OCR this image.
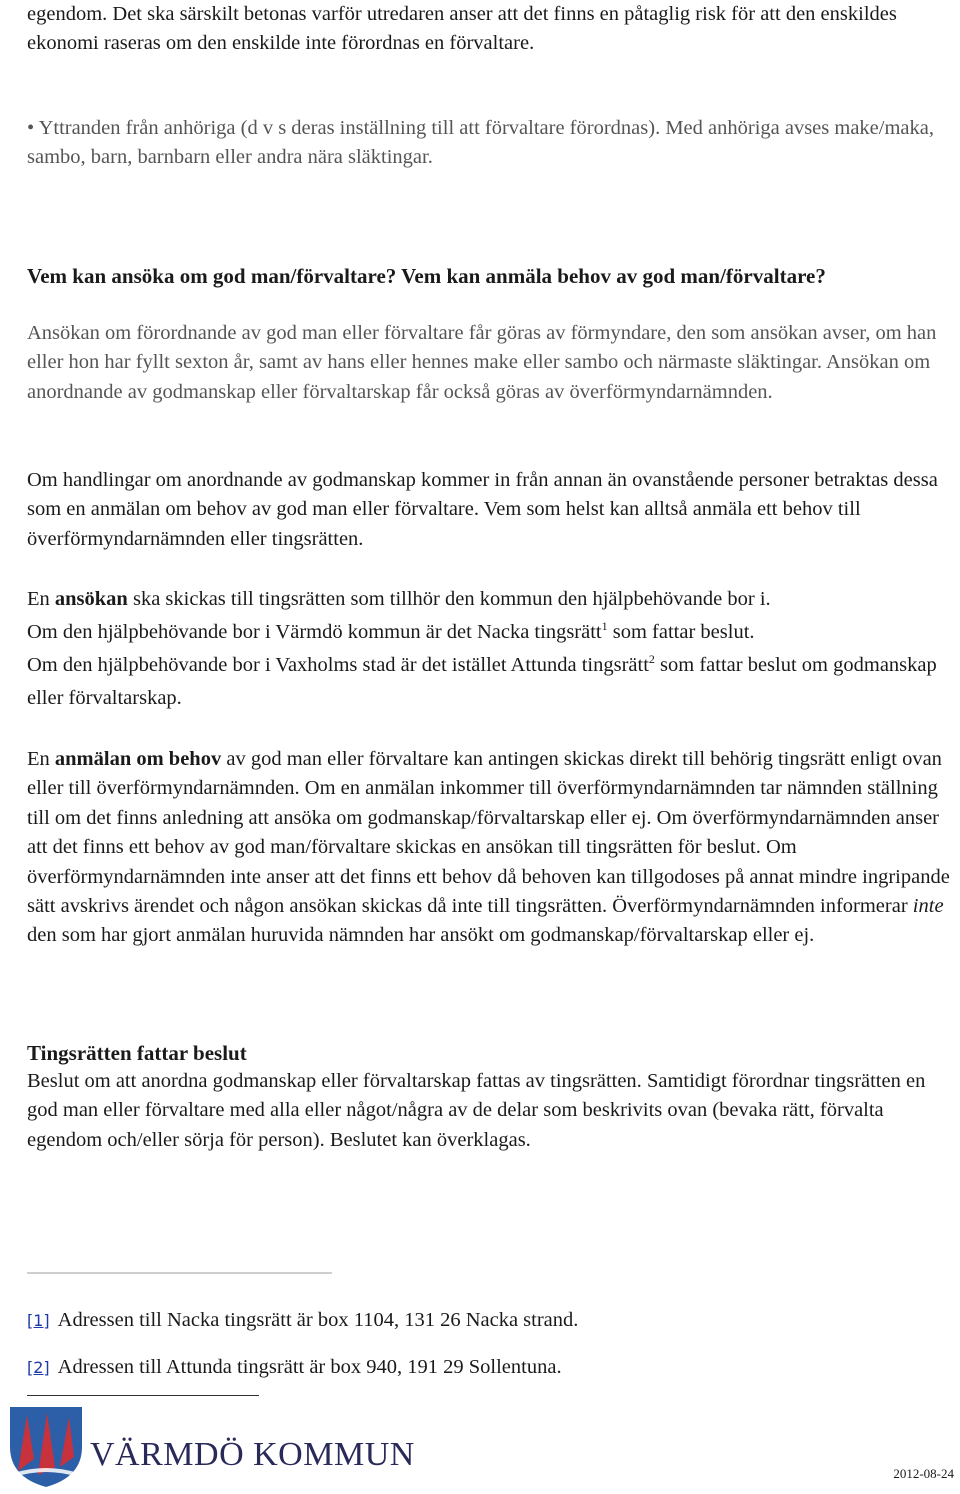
egendom. Det ska särskilt betonas varför utredaren anser att det finns en påtaglig risk för att den enskildes ekonomi raseras om den enskilde inte förordnas en förvaltare.
• Yttranden från anhöriga (d v s deras inställning till att förvaltare förordnas). Med anhöriga avses make/maka, sambo, barn, barnbarn eller andra nära släktingar.
Vem kan ansöka om god man/förvaltare? Vem kan anmäla behov av god man/förvaltare?
Ansökan om förordnande av god man eller förvaltare får göras av förmyndare, den som ansökan avser, om han eller hon har fyllt sexton år, samt av hans eller hennes make eller sambo och närmaste släktingar. Ansökan om anordnande av godmanskap eller förvaltarskap får också göras av överförmyndarnämnden.
Om handlingar om anordnande av godmanskap kommer in från annan än ovanstående personer betraktas dessa som en anmälan om behov av god man eller förvaltare. Vem som helst kan alltså anmäla ett behov till överförmyndarnämnden eller tingsrätten.
En ansökan ska skickas till tingsrätten som tillhör den kommun den hjälpbehövande bor i.
Om den hjälpbehövande bor i Värmdö kommun är det Nacka tingsrätt$^1$ som fattar beslut.
Om den hjälpbehövande bor i Vaxholms stad är det istället Attunda tingsrätt$^2$ som fattar beslut om godmanskap eller förvaltarskap.
En anmälan om behov av god man eller förvaltare kan antingen skickas direkt till behörig tingsrätt enligt ovan eller till överförmyndarnämnden. Om en anmälan inkommer till överförmyndarnämnden tar nämnden ställning till om det finns anledning att ansöka om godmanskap/förvaltarskap eller ej. Om överförmyndarnämnden anser att det finns ett behov av god man/förvaltare skickas en ansökan till tingsrätten för beslut. Om överförmyndarnämnden inte anser att det finns ett behov då behoven kan tillgodoses på annat mindre ingripande sätt avskrivs ärendet och någon ansökan skickas då inte till tingsrätten. Överförmyndarnämnden informerar inte den som har gjort anmälan huruvida nämnden har ansökt om godmanskap/förvaltarskap eller ej.
Tingsrätten fattar beslut
Beslut om att anordna godmanskap eller förvaltarskap fattas av tingsrätten. Samtidigt förordnar tingsrätten en god man eller förvaltare med alla eller något/några av de delar som beskrivits ovan (bevaka rätt, förvalta egendom och/eller sörja för person). Beslutet kan överklagas.
[1] Adressen till Nacka tingsrätt är box 1104, 131 26 Nacka strand.
[2] Adressen till Attunda tingsrätt är box 940, 191 29 Sollentuna.
VÄRMDÖ KOMMUN
2012-08-24
